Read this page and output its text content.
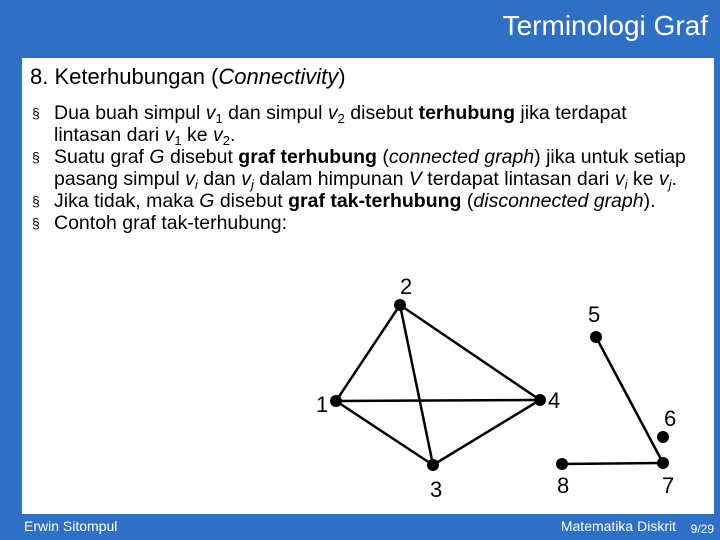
Terminologi Graf
8. Keterhubungan (Connectivity)
§ Dua buah simpul $v_1$ dan simpul $v_2$ disebut terhubung jika terdapat lintasan dari $v_1$ ke $v_2$.
§ Suatu graf G disebut graf terhubung (connected graph) jika untuk setiap pasang simpul $v_i$ dan $v_j$ dalam himpunan V terdapat lintasan dari $v_i$ ke $v_j$.
§ Jika tidak, maka G disebut graf tak-terhubung (disconnected graph).
§ Contoh graf tak-terhubung:
1
2
3
4
5
6
7
8
Erwin Sitompul	Matematika Diskrit 9/29
